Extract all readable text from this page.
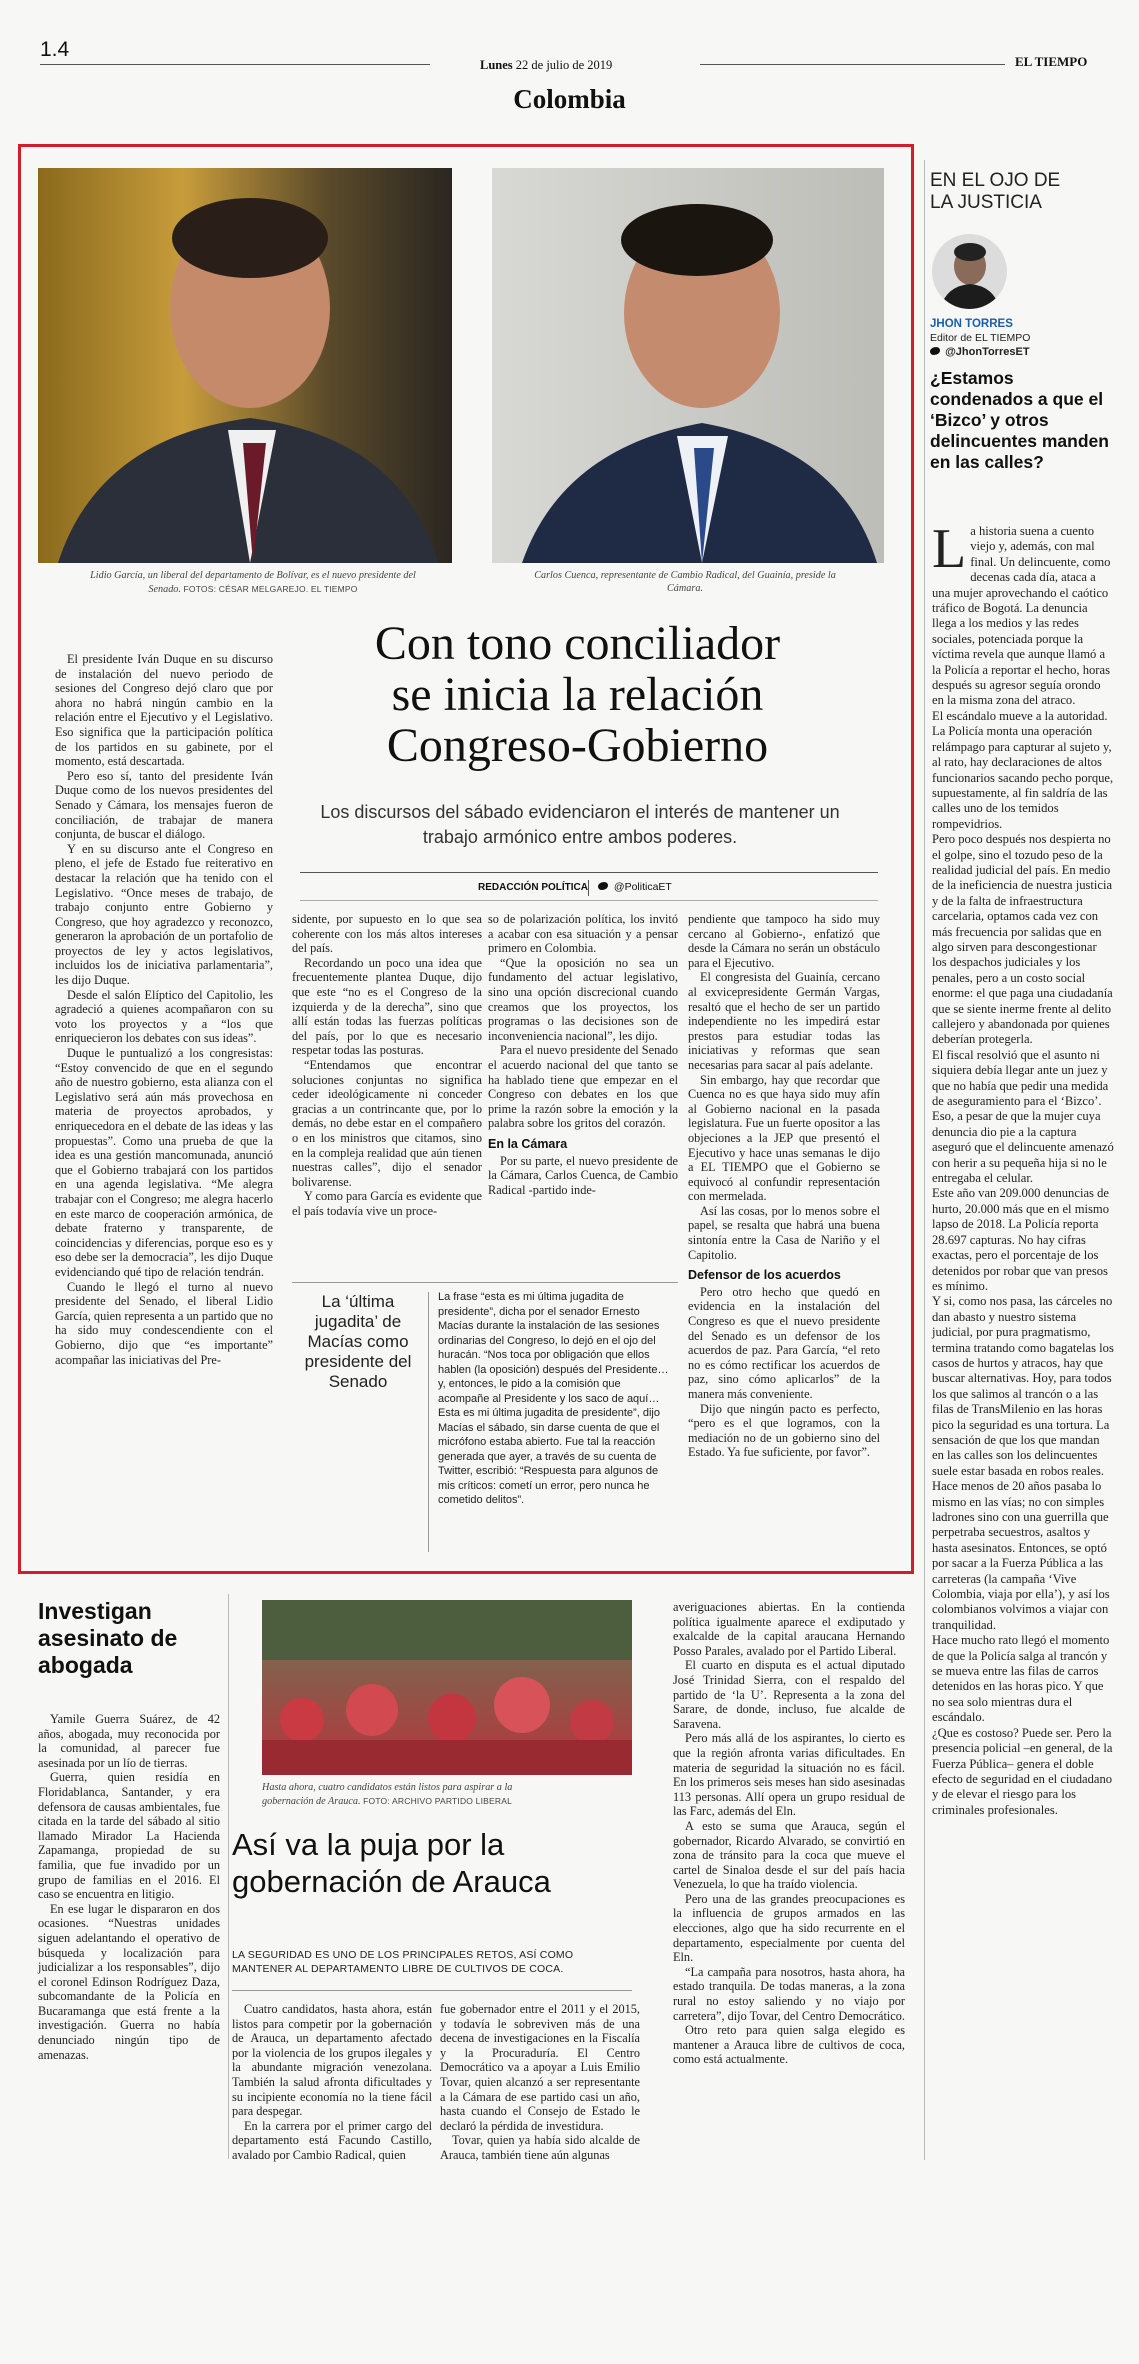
1.4
Lunes 22 de julio de 2019	EL TIEMPO
Colombia
Lidio García, un liberal del departamento de Bolívar, es el nuevo presidente del Senado. FOTOS: CÉSAR MELGAREJO. EL TIEMPO
Carlos Cuenca, representante de Cambio Radical, del Guainía, preside la Cámara.
Con tono conciliador
se inicia la relación
Congreso-Gobierno
Los discursos del sábado evidenciaron el interés de mantener un trabajo armónico entre ambos poderes.
REDACCIÓN POLÍTICA	@PoliticaET

El presidente Iván Duque en su discurso de instalación del nuevo periodo de sesiones del Congreso dejó claro que por ahora no habrá ningún cambio en la relación entre el Ejecutivo y el Legislativo. Eso significa que la participación política de los partidos en su gabinete, por el momento, está descartada.

Pero eso sí, tanto del presidente Iván Duque como de los nuevos presidentes del Senado y Cámara, los mensajes fueron de conciliación, de trabajar de manera conjunta, de buscar el diálogo.

Y en su discurso ante el Congreso en pleno, el jefe de Estado fue reiterativo en destacar la relación que ha tenido con el Legislativo. “Once meses de trabajo, de trabajo conjunto entre Gobierno y Congreso, que hoy agradezco y reconozco, generaron la aprobación de un portafolio de proyectos de ley y actos legislativos, incluidos los de iniciativa parlamentaria”, les dijo Duque.

Desde el salón Elíptico del Capitolio, les agradeció a quienes acompañaron con su voto los proyectos y a “los que enriquecieron los debates con sus ideas”.

Duque le puntualizó a los congresistas: “Estoy convencido de que en el segundo año de nuestro gobierno, esta alianza con el Legislativo será aún más provechosa en materia de proyectos aprobados, y enriquecedora en el debate de las ideas y las propuestas”. Como una prueba de que la idea es una gestión mancomunada, anunció que el Gobierno trabajará con los partidos en una agenda legislativa. “Me alegra trabajar con el Congreso; me alegra hacerlo en este marco de cooperación armónica, de debate fraterno y transparente, de coincidencias y diferencias, porque eso es y eso debe ser la democracia”, les dijo Duque evidenciando qué tipo de relación tendrán.

Cuando le llegó el turno al nuevo presidente del Senado, el liberal Lidio García, quien representa a un partido que no ha sido muy condescendiente con el Gobierno, dijo que “es importante” acompañar las iniciativas del Pre-

sidente, por supuesto en lo que sea coherente con los más altos intereses del país.

Recordando un poco una idea que frecuentemente plantea Duque, dijo que este “no es el Congreso de la izquierda y de la derecha”, sino que allí están todas las fuerzas políticas del país, por lo que es necesario respetar todas las posturas.

“Entendamos que encontrar soluciones conjuntas no significa ceder ideológicamente ni conceder gracias a un contrincante que, por lo demás, no debe estar en el compañero o en los ministros que citamos, sino en la compleja realidad que aún tienen nuestras calles”, dijo el senador bolivarense.

Y como para García es evidente que el país todavía vive un proce-

so de polarización política, los invitó a acabar con esa situación y a pensar primero en Colombia.

“Que la oposición no sea un fundamento del actuar legislativo, sino una opción discrecional cuando creamos que los proyectos, los programas o las decisiones son de inconveniencia nacional”, les dijo.

Para el nuevo presidente del Senado el acuerdo nacional del que tanto se ha hablado tiene que empezar en el Congreso con debates en los que prime la razón sobre la emoción y la palabra sobre los gritos del corazón.

En la Cámara

Por su parte, el nuevo presidente de la Cámara, Carlos Cuenca, de Cambio Radical -partido inde-

pendiente que tampoco ha sido muy cercano al Gobierno-, enfatizó que desde la Cámara no serán un obstáculo para el Ejecutivo.

El congresista del Guainía, cercano al exvicepresidente Germán Vargas, resaltó que el hecho de ser un partido independiente no les impedirá estar prestos para estudiar todas las iniciativas y reformas que sean necesarias para sacar al país adelante.

Sin embargo, hay que recordar que Cuenca no es que haya sido muy afín al Gobierno nacional en la pasada legislatura. Fue un fuerte opositor a las objeciones a la JEP que presentó el Ejecutivo y hace unas semanas le dijo a EL TIEMPO que el Gobierno se equivocó al confundir representación con mermelada.

Así las cosas, por lo menos sobre el papel, se resalta que habrá una buena sintonía entre la Casa de Nariño y el Capitolio.

Defensor de los acuerdos

Pero otro hecho que quedó en evidencia en la instalación del Congreso es que el nuevo presidente del Senado es un defensor de los acuerdos de paz. Para García, “el reto no es cómo rectificar los acuerdos de paz, sino cómo aplicarlos” de la manera más conveniente.

Dijo que ningún pacto es perfecto, “pero es el que logramos, con la mediación no de un gobierno sino del Estado. Ya fue suficiente, por favor”.

La ‘última jugadita’ de Macías como presidente del Senado
La frase “esta es mi última jugadita de presidente”, dicha por el senador Ernesto Macías durante la instalación de las sesiones ordinarias del Congreso, lo dejó en el ojo del huracán. “Nos toca por obligación que ellos hablen (la oposición) después del Presidente… y, entonces, le pido a la comisión que acompañe al Presidente y los saco de aquí… Esta es mi última jugadita de presidente”, dijo Macías el sábado, sin darse cuenta de que el micrófono estaba abierto. Fue tal la reacción generada que ayer, a través de su cuenta de Twitter, escribió: “Respuesta para algunos de mis críticos: cometí un error, pero nunca he cometido delitos”.
EN EL OJO DE LA JUSTICIA
JHON TORRES
Editor de EL TIEMPO
@JhonTorresET
¿Estamos condenados a que el ‘Bizco’ y otros delincuentes manden en las calles?
L a historia suena a cuento viejo y, además, con mal final. Un delincuente, como decenas cada día, ataca a una mujer aprovechando el caótico tráfico de Bogotá. La denuncia llega a los medios y las redes sociales, potenciada porque la víctima revela que aunque llamó a la Policía a reportar el hecho, horas después su agresor seguía orondo en la misma zona del atraco.

El escándalo mueve a la autoridad. La Policía monta una operación relámpago para capturar al sujeto y, al rato, hay declaraciones de altos funcionarios sacando pecho porque, supuestamente, al fin saldría de las calles uno de los temidos rompevidrios.

Pero poco después nos despierta no el golpe, sino el tozudo peso de la realidad judicial del país. En medio de la ineficiencia de nuestra justicia y de la falta de infraestructura carcelaria, optamos cada vez con más frecuencia por salidas que en algo sirven para descongestionar los despachos judiciales y los penales, pero a un costo social enorme: el que paga una ciudadanía que se siente inerme frente al delito callejero y abandonada por quienes deberían protegerla.

El fiscal resolvió que el asunto ni siquiera debía llegar ante un juez y que no había que pedir una medida de aseguramiento para el ‘Bizco’. Eso, a pesar de que la mujer cuya denuncia dio pie a la captura aseguró que el delincuente amenazó con herir a su pequeña hija si no le entregaba el celular.

Este año van 209.000 denuncias de hurto, 20.000 más que en el mismo lapso de 2018. La Policía reporta 28.697 capturas. No hay cifras exactas, pero el porcentaje de los detenidos por robar que van presos es mínimo.

Y si, como nos pasa, las cárceles no dan abasto y nuestro sistema judicial, por pura pragmatismo, termina tratando como bagatelas los casos de hurtos y atracos, hay que buscar alternativas. Hoy, para todos los que salimos al trancón o a las filas de TransMilenio en las horas pico la seguridad es una tortura. La sensación de que los que mandan en las calles son los delincuentes suele estar basada en robos reales.

Hace menos de 20 años pasaba lo mismo en las vías; no con simples ladrones sino con una guerrilla que perpetraba secuestros, asaltos y hasta asesinatos. Entonces, se optó por sacar a la Fuerza Pública a las carreteras (la campaña ‘Vive Colombia, viaja por ella’), y así los colombianos volvimos a viajar con tranquilidad.

Hace mucho rato llegó el momento de que la Policía salga al trancón y se mueva entre las filas de carros detenidos en las horas pico. Y que no sea solo mientras dura el escándalo.

¿Que es costoso? Puede ser. Pero la presencia policial –en general, de la Fuerza Pública– genera el doble efecto de seguridad en el ciudadano y de elevar el riesgo para los criminales profesionales.

Investigan asesinato de abogada

Yamile Guerra Suárez, de 42 años, abogada, muy reconocida por la comunidad, al parecer fue asesinada por un lío de tierras.

Guerra, quien residía en Floridablanca, Santander, y era defensora de causas ambientales, fue citada en la tarde del sábado al sitio llamado Mirador La Hacienda Zapamanga, propiedad de su familia, que fue invadido por un grupo de familias en el 2016. El caso se encuentra en litigio.

En ese lugar le dispararon en dos ocasiones. “Nuestras unidades siguen adelantando el operativo de búsqueda y localización para judicializar a los responsables”, dijo el coronel Edinson Rodríguez Daza, subcomandante de la Policía en Bucaramanga que está frente a la investigación. Guerra no había denunciado ningún tipo de amenazas.

Hasta ahora, cuatro candidatos están listos para aspirar a la gobernación de Arauca. FOTO: ARCHIVO PARTIDO LIBERAL
Así va la puja por la
gobernación de Arauca
LA SEGURIDAD ES UNO DE LOS PRINCIPALES RETOS, ASÍ COMO MANTENER AL DEPARTAMENTO LIBRE DE CULTIVOS DE COCA.

Cuatro candidatos, hasta ahora, están listos para competir por la gobernación de Arauca, un departamento afectado por la violencia de los grupos ilegales y la abundante migración venezolana. También la salud afronta dificultades y su incipiente economía no la tiene fácil para despegar.

En la carrera por el primer cargo del departamento está Facundo Castillo, avalado por Cambio Radical, quien

fue gobernador entre el 2011 y el 2015, y todavía le sobreviven más de una decena de investigaciones en la Fiscalía y la Procuraduría. El Centro Democrático va a apoyar a Luis Emilio Tovar, quien alcanzó a ser representante a la Cámara de ese partido casi un año, hasta cuando el Consejo de Estado le declaró la pérdida de investidura.

Tovar, quien ya había sido alcalde de Arauca, también tiene aún algunas

averiguaciones abiertas. En la contienda política igualmente aparece el exdiputado y exalcalde de la capital araucana Hernando Posso Parales, avalado por el Partido Liberal.

El cuarto en disputa es el actual diputado José Trinidad Sierra, con el respaldo del partido de ‘la U’. Representa a la zona del Sarare, de donde, incluso, fue alcalde de Saravena.

Pero más allá de los aspirantes, lo cierto es que la región afronta varias dificultades. En materia de seguridad la situación no es fácil. En los primeros seis meses han sido asesinadas 113 personas. Allí opera un grupo residual de las Farc, además del Eln.

A esto se suma que Arauca, según el gobernador, Ricardo Alvarado, se convirtió en zona de tránsito para la coca que mueve el cartel de Sinaloa desde el sur del país hacia Venezuela, lo que ha traído violencia.

Pero una de las grandes preocupaciones es la influencia de grupos armados en las elecciones, algo que ha sido recurrente en el departamento, especialmente por cuenta del Eln.

“La campaña para nosotros, hasta ahora, ha estado tranquila. De todas maneras, a la zona rural no estoy saliendo y no viajo por carretera”, dijo Tovar, del Centro Democrático.

Otro reto para quien salga elegido es mantener a Arauca libre de cultivos de coca, como está actualmente.
